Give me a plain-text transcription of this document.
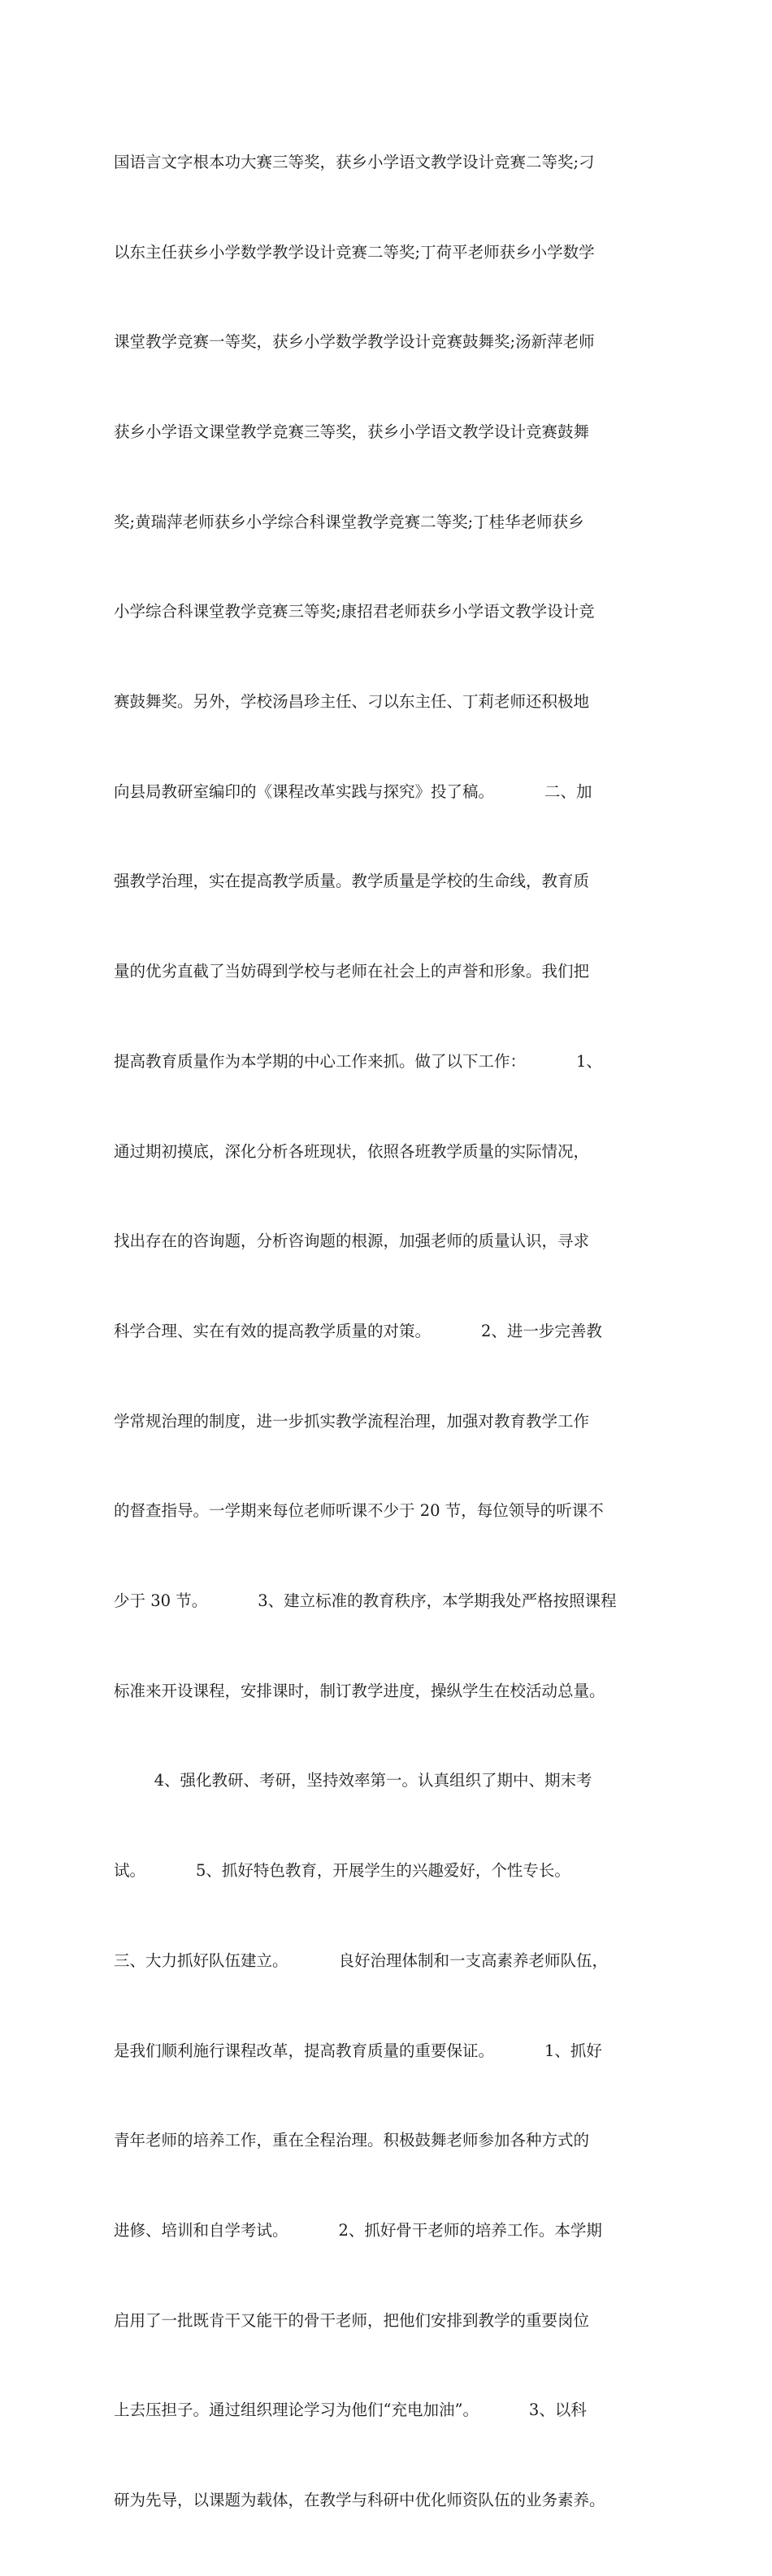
国语言文字根本功大赛三等奖，获乡小学语文教学设计竞赛二等奖;刁

以东主任获乡小学数学教学设计竞赛二等奖;丁荷平老师获乡小学数学

课堂教学竞赛一等奖，获乡小学数学教学设计竞赛鼓舞奖;汤新萍老师

获乡小学语文课堂教学竞赛三等奖，获乡小学语文教学设计竞赛鼓舞

奖;黄瑞萍老师获乡小学综合科课堂教学竞赛二等奖;丁桂华老师获乡

小学综合科课堂教学竞赛三等奖;康招君老师获乡小学语文教学设计竞

赛鼓舞奖。另外，学校汤昌珍主任、刁以东主任、丁莉老师还积极地

向县局教研室编印的《课程改革实践与探究》投了稿。          二、加

强教学治理，实在提高教学质量。教学质量是学校的生命线，教育质

量的优劣直截了当妨碍到学校与老师在社会上的声誉和形象。我们把

提高教育质量作为本学期的中心工作来抓。做了以下工作：          1、

通过期初摸底，深化分析各班现状，依照各班教学质量的实际情况，

找出存在的咨询题，分析咨询题的根源，加强老师的质量认识，寻求

科学合理、实在有效的提高教学质量的对策。          2、进一步完善教

学常规治理的制度，进一步抓实教学流程治理，加强对教育教学工作

的督查指导。一学期来每位老师听课不少于 20 节，每位领导的听课不

少于 30 节。          3、建立标准的教育秩序，本学期我处严格按照课程

标准来开设课程，安排课时，制订教学进度，操纵学生在校活动总量。

4、强化教研、考研，坚持效率第一。认真组织了期中、期末考

试。          5、抓好特色教育，开展学生的兴趣爱好，个性专长。

三、大力抓好队伍建立。          良好治理体制和一支高素养老师队伍，

是我们顺利施行课程改革，提高教育质量的重要保证。          1、抓好

青年老师的培养工作，重在全程治理。积极鼓舞老师参加各种方式的

进修、培训和自学考试。          2、抓好骨干老师的培养工作。本学期

启用了一批既肯干又能干的骨干老师，把他们安排到教学的重要岗位

上去压担子。通过组织理论学习为他们“充电加油”。          3、以科

研为先导，以课题为载体，在教学与科研中优化师资队伍的业务素养。
